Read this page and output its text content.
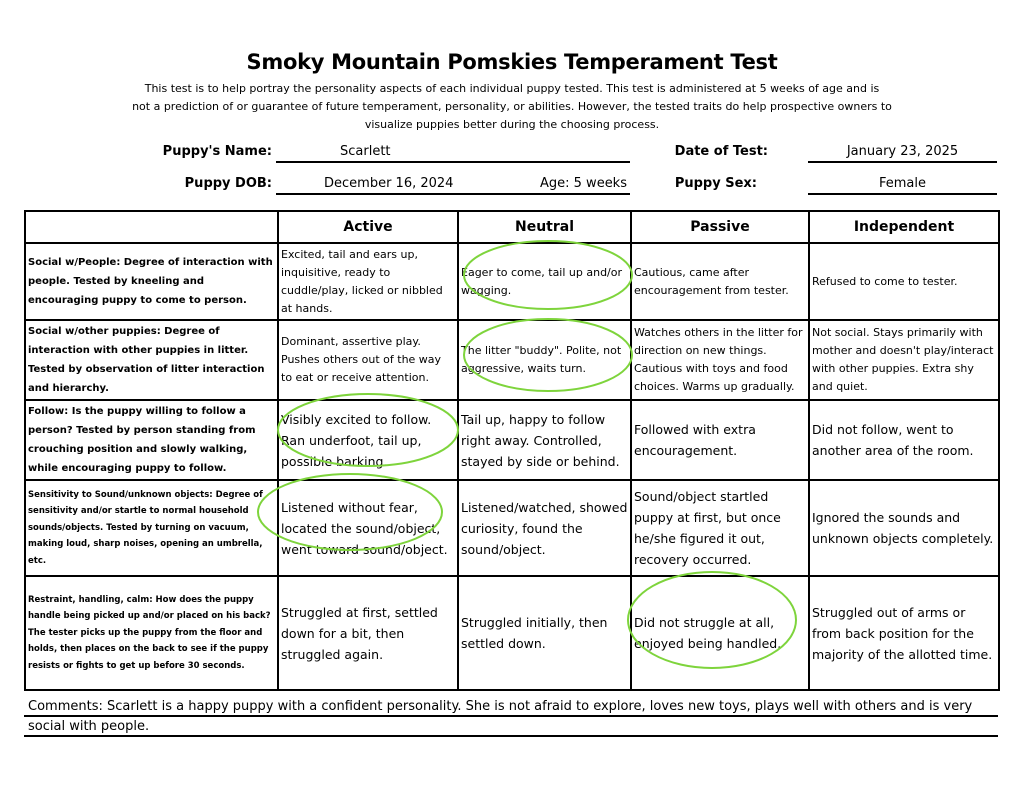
Smoky Mountain Pomskies Temperament Test
This test is to help portray the personality aspects of each individual puppy tested. This test is administered at 5 weeks of age and is
not a prediction of or guarantee of future temperament, personality, or abilities. However, the tested traits do help prospective owners to
visualize puppies better during the choosing process.
Puppy's Name:	Scarlett	Date of Test:	January 23, 2025
Puppy DOB:	December 16, 2024	Age: 5 weeks	Puppy Sex:	Female
	Active	Neutral	Passive	Independent
Social w/People: Degree of interaction with people. Tested by kneeling and encouraging puppy to come to person.	Excited, tail and ears up, inquisitive, ready to cuddle/play, licked or nibbled at hands.	Eager to come, tail up and/or wagging.	Cautious, came after encouragement from tester.	Refused to come to tester.
Social w/other puppies: Degree of interaction with other puppies in litter. Tested by observation of litter interaction and hierarchy.	Dominant, assertive play. Pushes others out of the way to eat or receive attention.	The litter "buddy". Polite, not aggressive, waits turn.	Watches others in the litter for direction on new things. Cautious with toys and food choices. Warms up gradually.	Not social. Stays primarily with mother and doesn't play/interact with other puppies. Extra shy and quiet.
Follow: Is the puppy willing to follow a person? Tested by person standing from crouching position and slowly walking, while encouraging puppy to follow.	Visibly excited to follow. Ran underfoot, tail up, possible barking.	Tail up, happy to follow right away. Controlled, stayed by side or behind.	Followed with extra encouragement.	Did not follow, went to another area of the room.
Sensitivity to Sound/unknown objects: Degree of sensitivity and/or startle to normal household sounds/objects. Tested by turning on vacuum, making loud, sharp noises, opening an umbrella, etc.	Listened without fear, located the sound/object, went toward sound/object.	Listened/watched, showed curiosity, found the sound/object.	Sound/object startled puppy at first, but once he/she figured it out, recovery occurred.	Ignored the sounds and unknown objects completely.
Restraint, handling, calm: How does the puppy handle being picked up and/or placed on his back? The tester picks up the puppy from the floor and holds, then places on the back to see if the puppy resists or fights to get up before 30 seconds.	Struggled at first, settled down for a bit, then struggled again.	Struggled initially, then settled down.	Did not struggle at all, enjoyed being handled.	Struggled out of arms or from back position for the majority of the allotted time.
Comments: Scarlett is a happy puppy with a confident personality. She is not afraid to explore, loves new toys, plays well with others and is very social with people.
